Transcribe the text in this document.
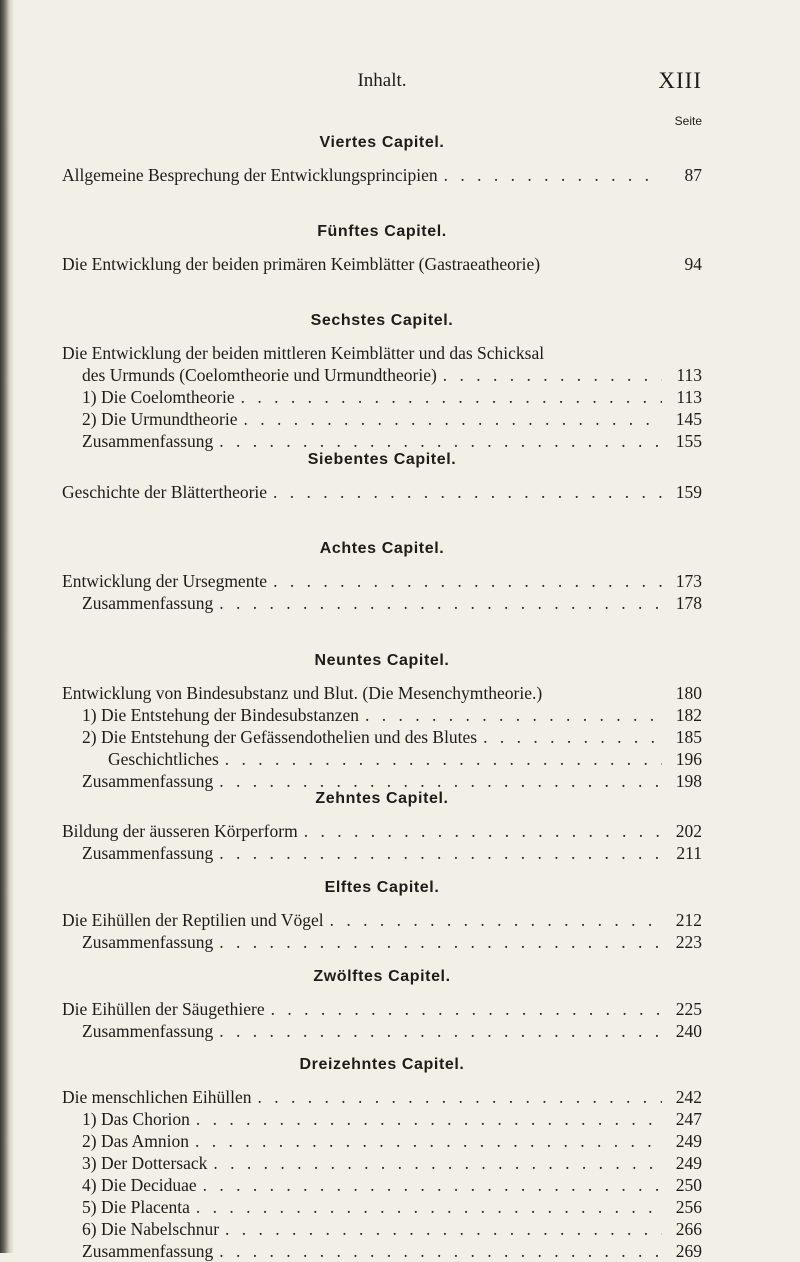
Inhalt.	XIII
Seite
Viertes Capitel.
Allgemeine Besprechung der Entwicklungsprincipien . . .	87
Fünftes Capitel.
Die Entwicklung der beiden primären Keimblätter (Gastraeatheorie)	94
Sechstes Capitel.
Die Entwicklung der beiden mittleren Keimblätter und das Schicksal
des Urmunds (Coelomtheorie und Urmundtheorie) . . .	113
1) Die Coelomtheorie . . .	113
2) Die Urmundtheorie . . .	145
Zusammenfassung . . .	155
Siebentes Capitel.
Geschichte der Blättertheorie . . .	159
Achtes Capitel.
Entwicklung der Ursegmente . . .	173
Zusammenfassung . . .	178
Neuntes Capitel.
Entwicklung von Bindesubstanz und Blut. (Die Mesenchymtheorie.)	180
1) Die Entstehung der Bindesubstanzen . . .	182
2) Die Entstehung der Gefässendothelien und des Blutes . . .	185
Geschichtliches . . .	196
Zusammenfassung . . .	198
Zehntes Capitel.
Bildung der äusseren Körperform . . .	202
Zusammenfassung . . .	211
Elftes Capitel.
Die Eihüllen der Reptilien und Vögel . . .	212
Zusammenfassung . . .	223
Zwölftes Capitel.
Die Eihüllen der Säugethiere . . .	225
Zusammenfassung . . .	240
Dreizehntes Capitel.
Die menschlichen Eihüllen . . .	242
1) Das Chorion . . .	247
2) Das Amnion . . .	249
3) Der Dottersack . . .	249
4) Die Deciduae . . .	250
5) Die Placenta . . .	256
6) Die Nabelschnur . . .	266
Zusammenfassung . . .	269
